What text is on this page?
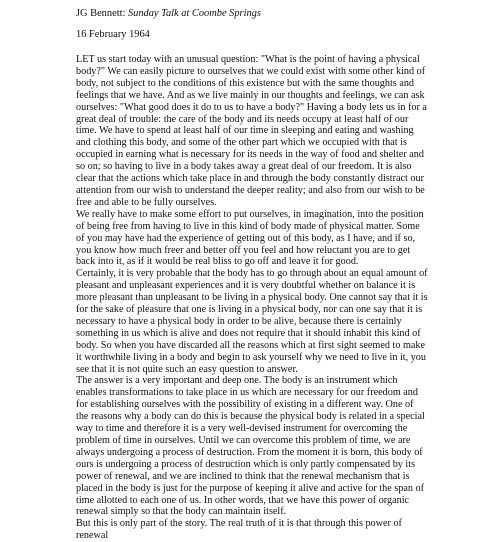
JG Bennett: Sunday Talk at Coombe Springs
16 February 1964

LET us start today with an unusual question: "What is the point of having a physical body?" We can easily picture to ourselves that we could exist with some other kind of body, not subject to the conditions of this existence but with the same thoughts and feelings that we have. And as we live mainly in our thoughts and feelings, we can ask ourselves: "What good does it do to us to have a body?" Having a body lets us in for a great deal of trouble: the care of the body and its needs occupy at least half of our time. We have to spend at least half of our time in sleeping and eating and washing and clothing this body, and some of the other part which we occupied with that is occupied in earning what is necessary for its needs in the way of food and shelter and so on; so having to live in a body takes away a great deal of our freedom. It is also clear that the actions which take place in and through the body constantly distract our attention from our wish to understand the deeper reality; and also from our wish to be free and able to be fully ourselves.

We really have to make some effort to put ourselves, in imagination, into the position of being free from having to live in this kind of body made of physical matter. Some of you may have had the experience of getting out of this body, as I have, and if so, you know how much freer and better off you feel and how reluctant you are to get back into it, as if it would be real bliss to go off and leave it for good.

Certainly, it is very probable that the body has to go through about an equal amount of pleasant and unpleasant experiences and it is very doubtful whether on balance it is more pleasant than unpleasant to be living in a physical body. One cannot say that it is for the sake of pleasure that one is living in a physical body, nor can one say that it is necessary to have a physical body in order to be alive, because there is certainly something in us which is alive and does not require that it should inhabit this kind of body. So when you have discarded all the reasons which at first sight seemed to make it worthwhile living in a body and begin to ask yourself why we need to live in it, you see that it is not quite such an easy question to answer.

The answer is a very important and deep one. The body is an instrument which enables transformations to take place in us which are necessary for our freedom and for establishing ourselves with the possibility of existing in a different way. One of the reasons why a body can do this is because the physical body is related in a special way to time and therefore it is a very well-devised instrument for overcoming the problem of time in ourselves. Until we can overcome this problem of time, we are always undergoing a process of destruction. From the moment it is born, this body of ours is undergoing a process of destruction which is only partly compensated by its power of renewal, and we are inclined to think that the renewal mechanism that is placed in the body is just for the purpose of keeping it alive and active for the span of time allotted to each one of us. In other words, that we have this power of organic renewal simply so that the body can maintain itself.

But this is only part of the story. The real truth of it is that through this power of renewal
